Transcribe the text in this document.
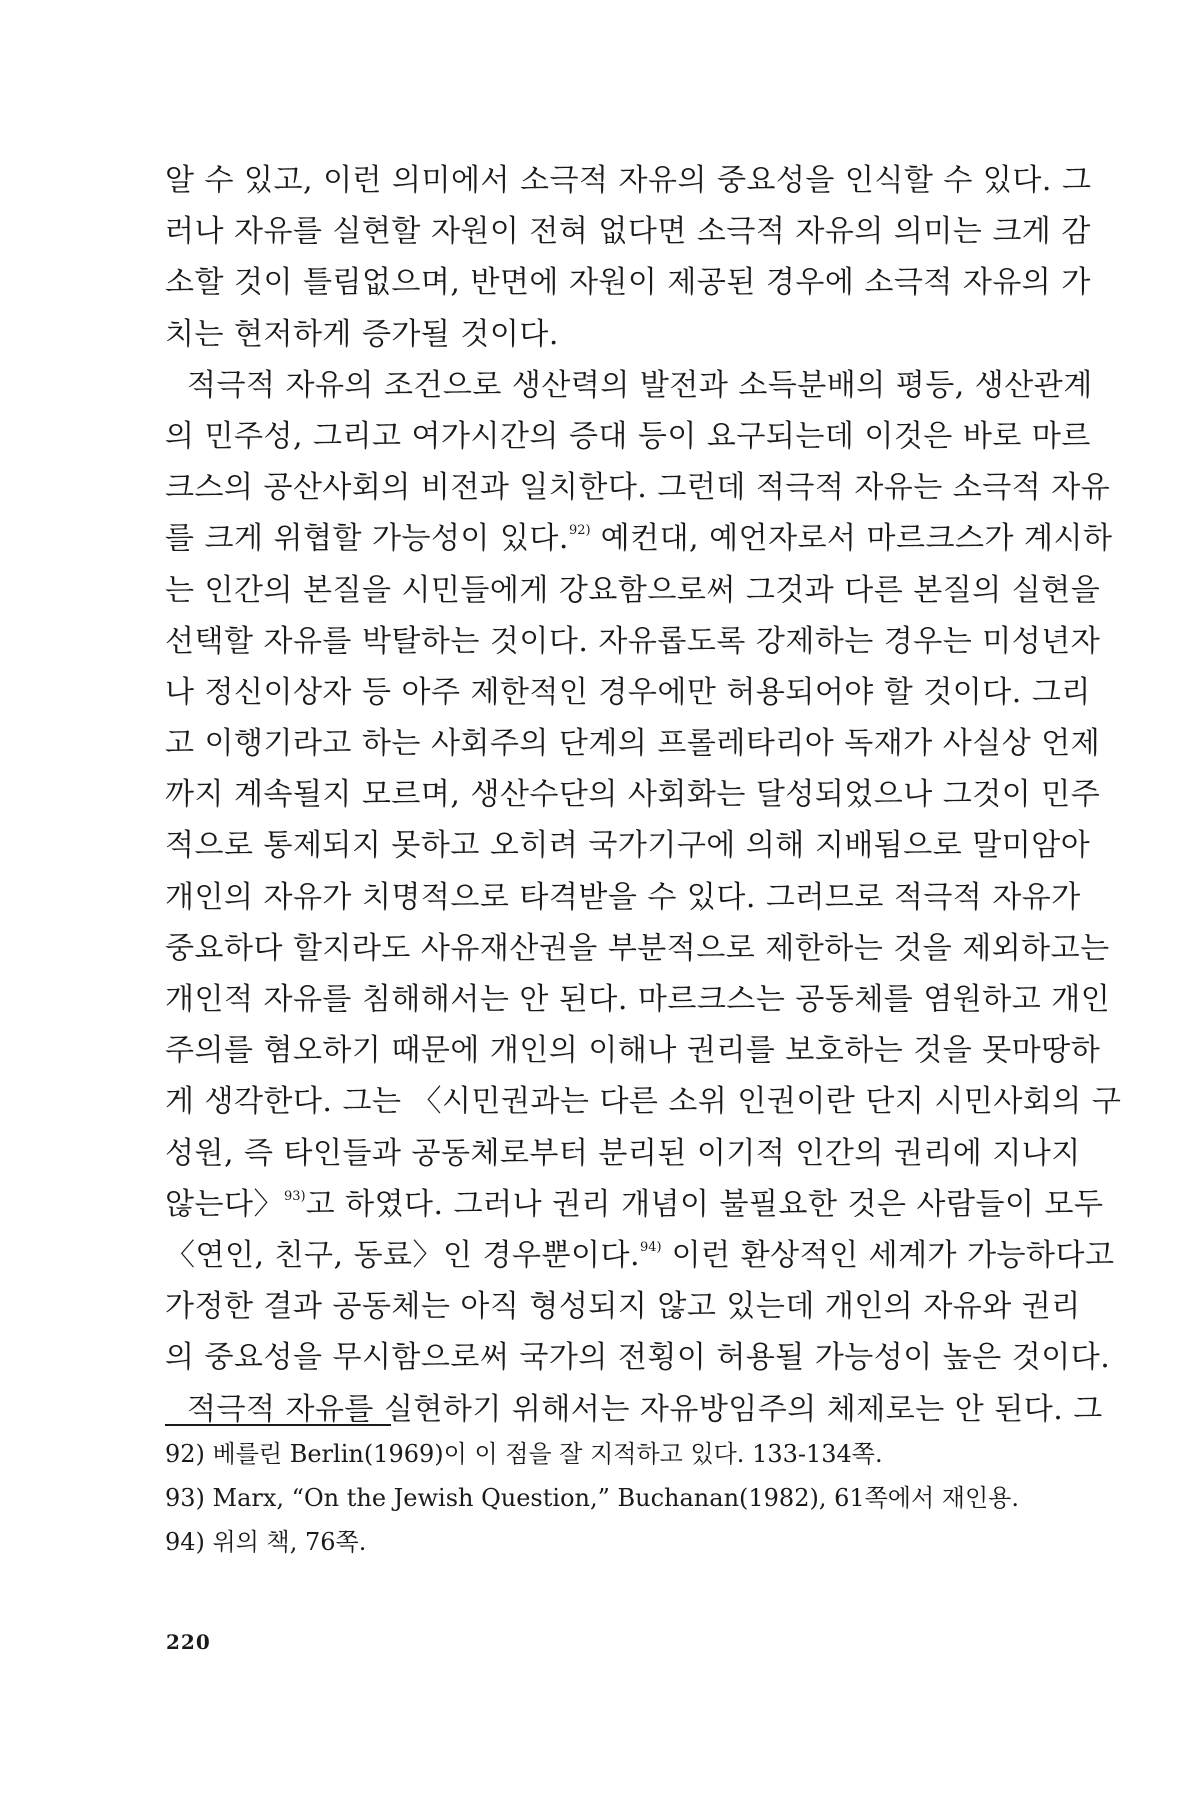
알 수 있고, 이런 의미에서 소극적 자유의 중요성을 인식할 수 있다. 그
러나 자유를 실현할 자원이 전혀 없다면 소극적 자유의 의미는 크게 감
소할 것이 틀림없으며, 반면에 자원이 제공된 경우에 소극적 자유의 가
치는 현저하게 증가될 것이다.
적극적 자유의 조건으로 생산력의 발전과 소득분배의 평등, 생산관계
의 민주성, 그리고 여가시간의 증대 등이 요구되는데 이것은 바로 마르
크스의 공산사회의 비전과 일치한다. 그런데 적극적 자유는 소극적 자유
를 크게 위협할 가능성이 있다.$^{92)}$ 예컨대, 예언자로서 마르크스가 계시하
는 인간의 본질을 시민들에게 강요함으로써 그것과 다른 본질의 실현을
선택할 자유를 박탈하는 것이다. 자유롭도록 강제하는 경우는 미성년자
나 정신이상자 등 아주 제한적인 경우에만 허용되어야 할 것이다. 그리
고 이행기라고 하는 사회주의 단계의 프롤레타리아 독재가 사실상 언제
까지 계속될지 모르며, 생산수단의 사회화는 달성되었으나 그것이 민주
적으로 통제되지 못하고 오히려 국가기구에 의해 지배됨으로 말미암아
개인의 자유가 치명적으로 타격받을 수 있다. 그러므로 적극적 자유가
중요하다 할지라도 사유재산권을 부분적으로 제한하는 것을 제외하고는
개인적 자유를 침해해서는 안 된다. 마르크스는 공동체를 염원하고 개인
주의를 혐오하기 때문에 개인의 이해나 권리를 보호하는 것을 못마땅하
게 생각한다. 그는 〈시민권과는 다른 소위 인권이란 단지 시민사회의 구
성원, 즉 타인들과 공동체로부터 분리된 이기적 인간의 권리에 지나지
않는다〉$^{93)}$고 하였다. 그러나 권리 개념이 불필요한 것은 사람들이 모두
〈연인, 친구, 동료〉인 경우뿐이다.$^{94)}$ 이런 환상적인 세계가 가능하다고
가정한 결과 공동체는 아직 형성되지 않고 있는데 개인의 자유와 권리
의 중요성을 무시함으로써 국가의 전횡이 허용될 가능성이 높은 것이다.
적극적 자유를 실현하기 위해서는 자유방임주의 체제로는 안 된다. 그
92) 베를린 Berlin(1969)이 이 점을 잘 지적하고 있다. 133-134쪽.
93) Marx, “On the Jewish Question,” Buchanan(1982), 61쪽에서 재인용.
94) 위의 책, 76쪽.
220
